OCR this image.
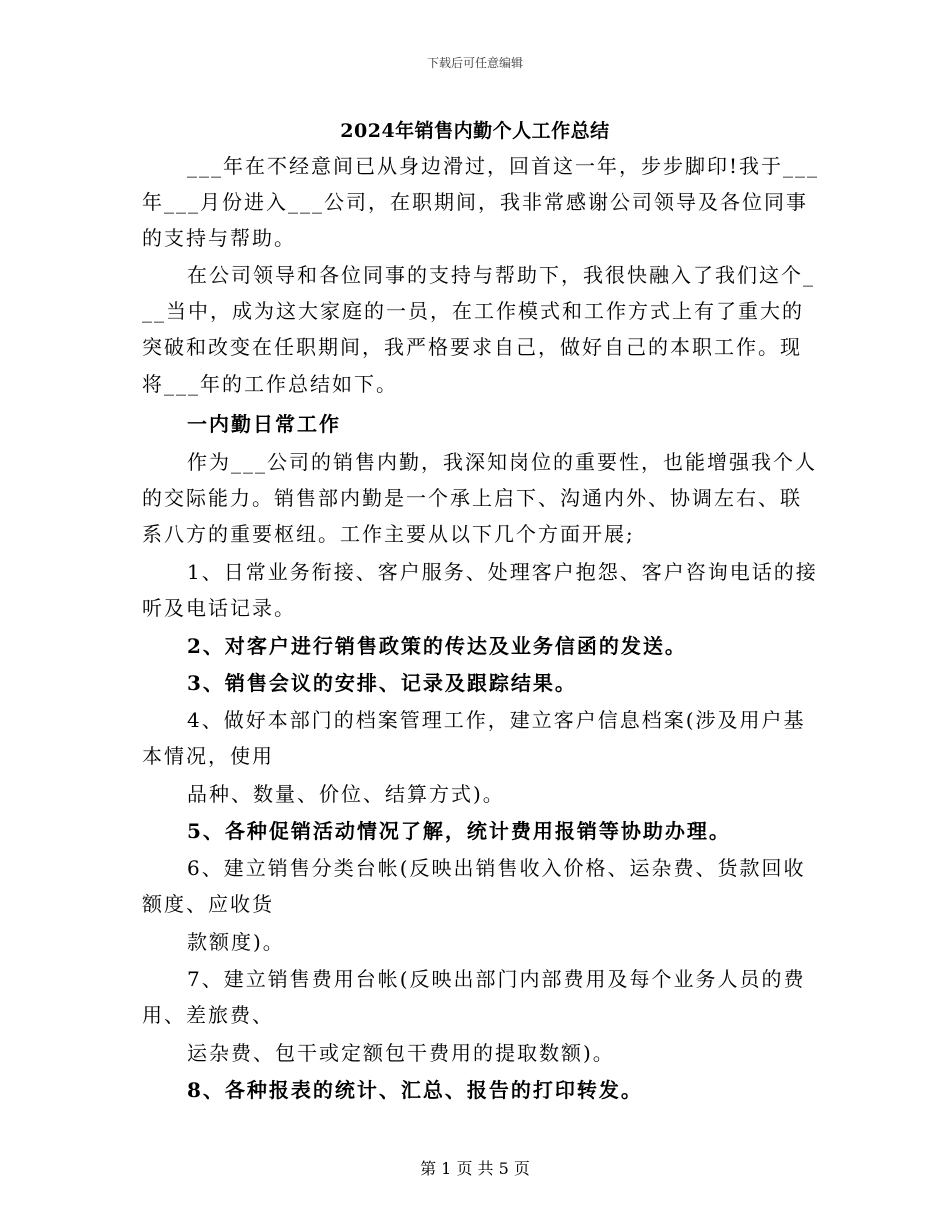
下载后可任意编辑
2024年销售内勤个人工作总结
___年在不经意间已从身边滑过，回首这一年，步步脚印!我于___
年___月份进入___公司，在职期间，我非常感谢公司领导及各位同事
的支持与帮助。
在公司领导和各位同事的支持与帮助下，我很快融入了我们这个_
__当中，成为这大家庭的一员，在工作模式和工作方式上有了重大的
突破和改变在任职期间，我严格要求自己，做好自己的本职工作。现
将___年的工作总结如下。
一内勤日常工作
作为___公司的销售内勤，我深知岗位的重要性，也能增强我个人
的交际能力。销售部内勤是一个承上启下、沟通内外、协调左右、联
系八方的重要枢纽。工作主要从以下几个方面开展;
1、日常业务衔接、客户服务、处理客户抱怨、客户咨询电话的接
听及电话记录。
2、对客户进行销售政策的传达及业务信函的发送。
3、销售会议的安排、记录及跟踪结果。
4、做好本部门的档案管理工作，建立客户信息档案(涉及用户基
本情况，使用
品种、数量、价位、结算方式)。
5、各种促销活动情况了解，统计费用报销等协助办理。
6、建立销售分类台帐(反映出销售收入价格、运杂费、货款回收
额度、应收货
款额度)。
7、建立销售费用台帐(反映出部门内部费用及每个业务人员的费
用、差旅费、
运杂费、包干或定额包干费用的提取数额)。
8、各种报表的统计、汇总、报告的打印转发。
第 1 页 共 5 页
